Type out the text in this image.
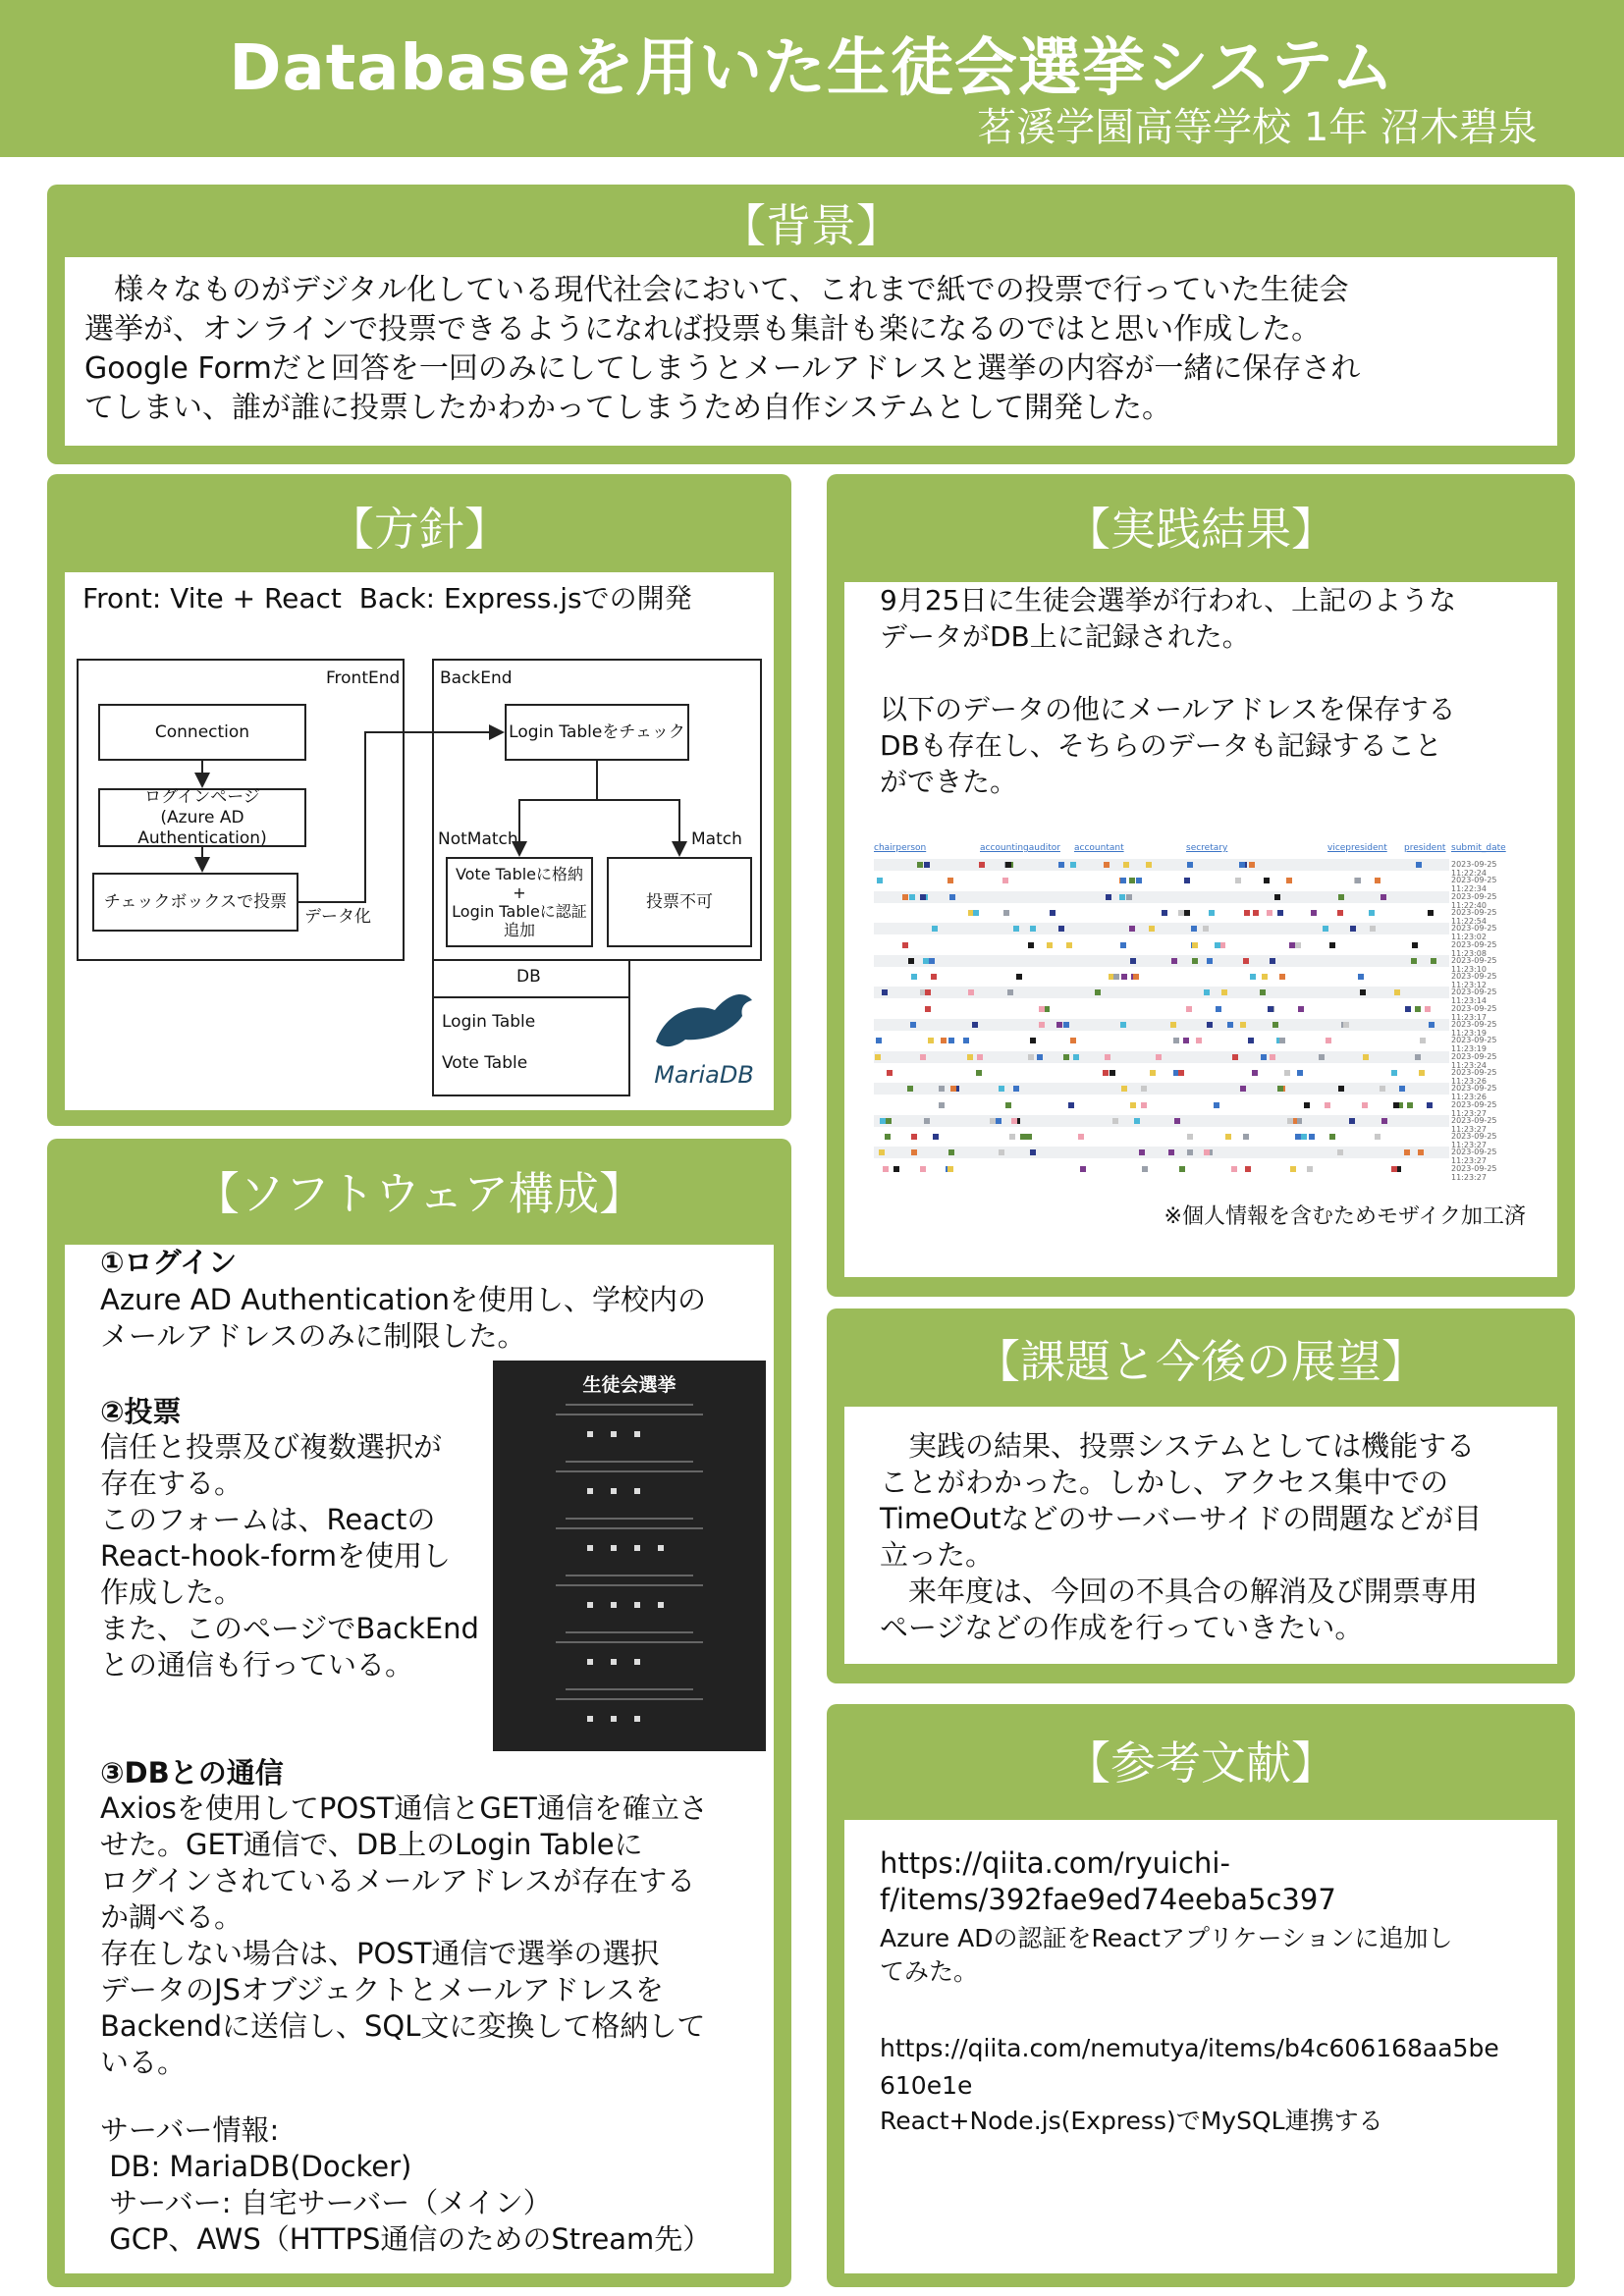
Databaseを用いた生徒会選挙システム
茗溪学園高等学校 1年 沼木碧泉
【背景】
　様々なものがデジタル化している現代社会において、これまで紙での投票で行っていた生徒会
選挙が、オンラインで投票できるようになれば投票も集計も楽になるのではと思い作成した。
Google Formだと回答を一回のみにしてしまうとメールアドレスと選挙の内容が一緒に保存され
てしまい、誰が誰に投票したかわかってしまうため自作システムとして開発した。
【方針】
Front: Vite + React  Back: Express.jsでの開発
FrontEnd
Connection
ログインページ
(Azure AD Authentication)
チェックボックスで投票
データ化
BackEnd
Login Tableをチェック
NotMatch	Match
Vote Tableに格納
+
Login Tableに認証
追加
投票不可
DB
Login Table
Vote Table	MariaDB
【実践結果】
9月25日に生徒会選挙が行われ、上記のような
データがDB上に記録された。

以下のデータの他にメールアドレスを保存する
DBも存在し、そちらのデータも記録すること
ができた。
chairperson	accountingauditor accountant	secretary	vicepresident president submit_date
2023-09-25 11:22:24
2023-09-25 11:22:34
2023-09-25 11:22:40
2023-09-25 11:22:54
2023-09-25 11:23:02
2023-09-25 11:23:08
2023-09-25 11:23:10
2023-09-25 11:23:12
2023-09-25 11:23:14
2023-09-25 11:23:17
2023-09-25 11:23:19
2023-09-25 11:23:19
2023-09-25 11:23:24
2023-09-25 11:23:26
2023-09-25 11:23:26
2023-09-25 11:23:27
2023-09-25 11:23:27
2023-09-25 11:23:27
2023-09-25 11:23:27
2023-09-25 11:23:27
※個人情報を含むためモザイク加工済
【ソフトウェア構成】
①ログイン
Azure AD Authenticationを使用し、学校内の
メールアドレスのみに制限した。
②投票
信任と投票及び複数選択が
存在する。
このフォームは、Reactの
React-hook-formを使用し
作成した。
また、このページでBackEnd
との通信も行っている。
生徒会選挙
③DBとの通信
Axiosを使用してPOST通信とGET通信を確立さ
せた。GET通信で、DB上のLogin Tableに
ログインされているメールアドレスが存在する
か調べる。
存在しない場合は、POST通信で選挙の選択
データのJSオブジェクトとメールアドレスを
Backendに送信し、SQL文に変換して格納して
いる。
サーバー情報:
DB: MariaDB(Docker)
サーバー: 自宅サーバー（メイン）
GCP、AWS（HTTPS通信のためのStream先）
【課題と今後の展望】
　実践の結果、投票システムとしては機能する
ことがわかった。しかし、アクセス集中での
TimeOutなどのサーバーサイドの問題などが目
立った。
　来年度は、今回の不具合の解消及び開票専用
ページなどの作成を行っていきたい。
【参考文献】
https://qiita.com/ryuichi-
f/items/392fae9ed74eeba5c397
Azure ADの認証をReactアプリケーションに追加し
てみた。
https://qiita.com/nemutya/items/b4c606168aa5be
610e1e
React+Node.js(Express)でMySQL連携する
